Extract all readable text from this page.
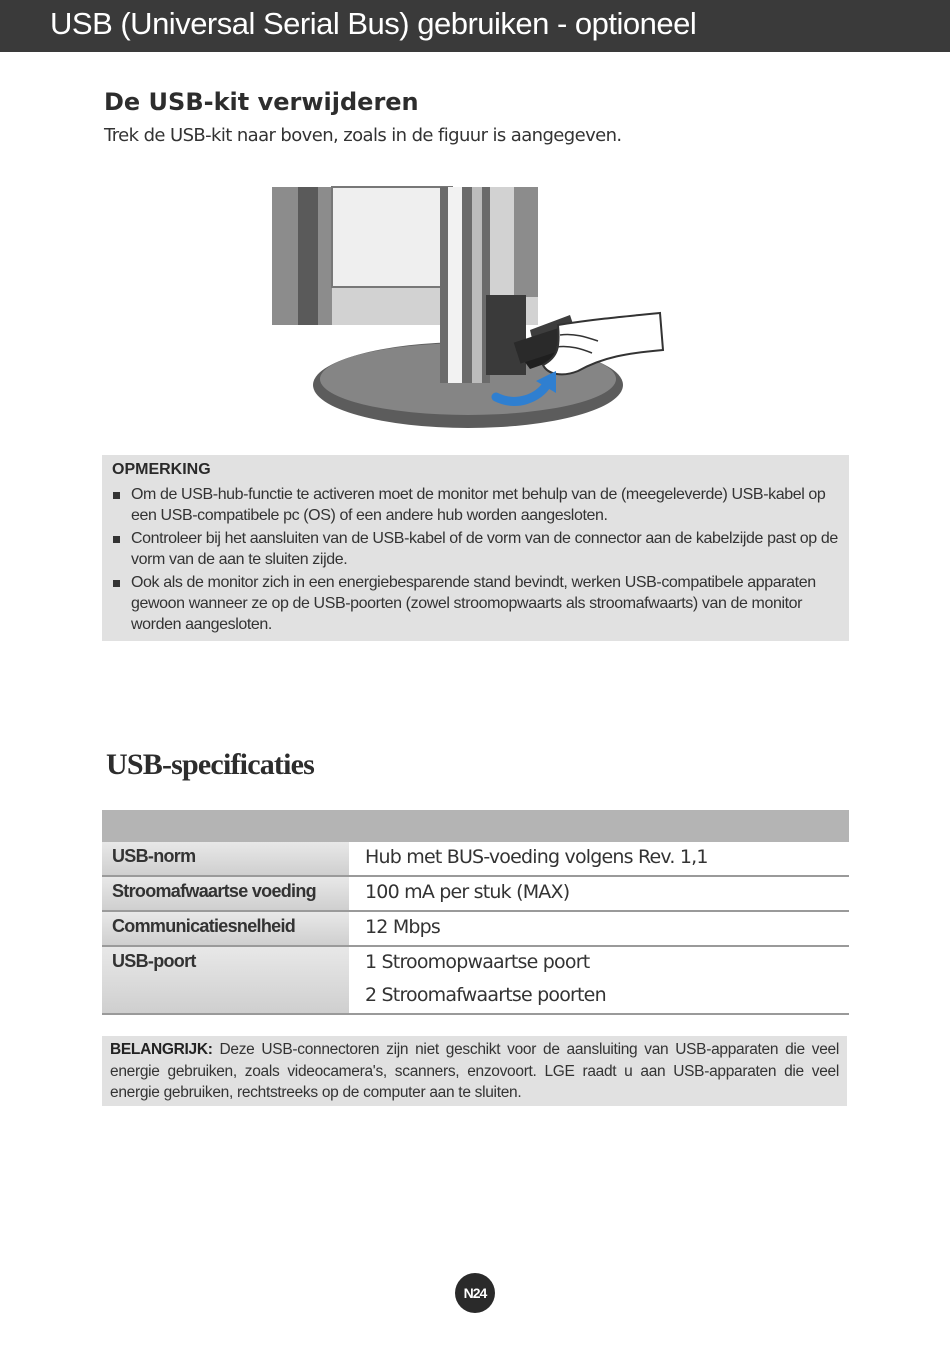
USB (Universal Serial Bus) gebruiken - optioneel
De USB-kit verwijderen
Trek de USB-kit naar boven, zoals in de figuur is aangegeven.
OPMERKING
Om de USB-hub-functie te activeren moet de monitor met behulp van de (meegeleverde) USB-kabel op een USB-compatibele pc (OS) of een andere hub worden aangesloten.
Controleer bij het aansluiten van de USB-kabel of de vorm van de connector aan de kabelzijde past op de vorm van de aan te sluiten zijde.
Ook als de monitor zich in een energiebesparende stand bevindt, werken USB-compatibele apparaten gewoon wanneer ze op de USB-poorten (zowel stroomopwaarts als stroomafwaarts) van de monitor worden aangesloten.
USB-specificaties
USB-norm	Hub met BUS-voeding volgens Rev. 1,1
Stroomafwaartse voeding	100 mA per stuk (MAX)
Communicatiesnelheid	12 Mbps
USB-poort	1 Stroomopwaartse poort
2 Stroomafwaartse poorten
BELANGRIJK: Deze USB-connectoren zijn niet geschikt voor de aansluiting van USB-apparaten die veel energie gebruiken, zoals videocamera's, scanners, enzovoort. LGE raadt u aan USB-apparaten die veel energie gebruiken, rechtstreeks op de computer aan te sluiten.
N24
